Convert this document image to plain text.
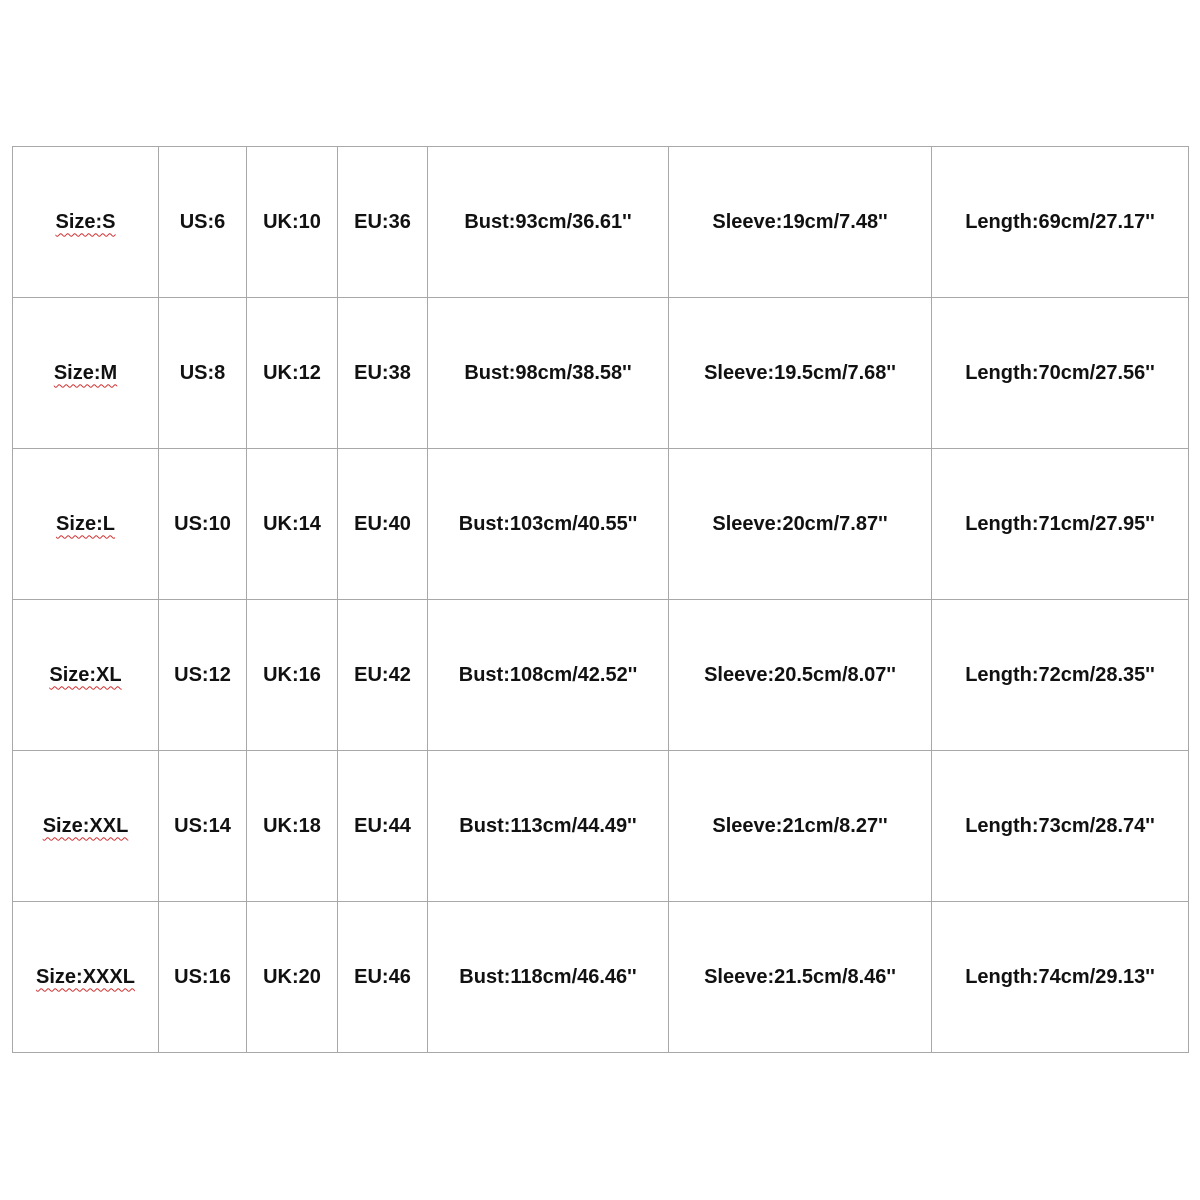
Size:S	US:6	UK:10	EU:36	Bust:93cm/36.61''	Sleeve:19cm/7.48''	Length:69cm/27.17''
Size:M	US:8	UK:12	EU:38	Bust:98cm/38.58''	Sleeve:19.5cm/7.68''	Length:70cm/27.56''
Size:L	US:10	UK:14	EU:40	Bust:103cm/40.55''	Sleeve:20cm/7.87''	Length:71cm/27.95''
Size:XL	US:12	UK:16	EU:42	Bust:108cm/42.52''	Sleeve:20.5cm/8.07''	Length:72cm/28.35''
Size:XXL	US:14	UK:18	EU:44	Bust:113cm/44.49''	Sleeve:21cm/8.27''	Length:73cm/28.74''
Size:XXXL	US:16	UK:20	EU:46	Bust:118cm/46.46''	Sleeve:21.5cm/8.46''	Length:74cm/29.13''
